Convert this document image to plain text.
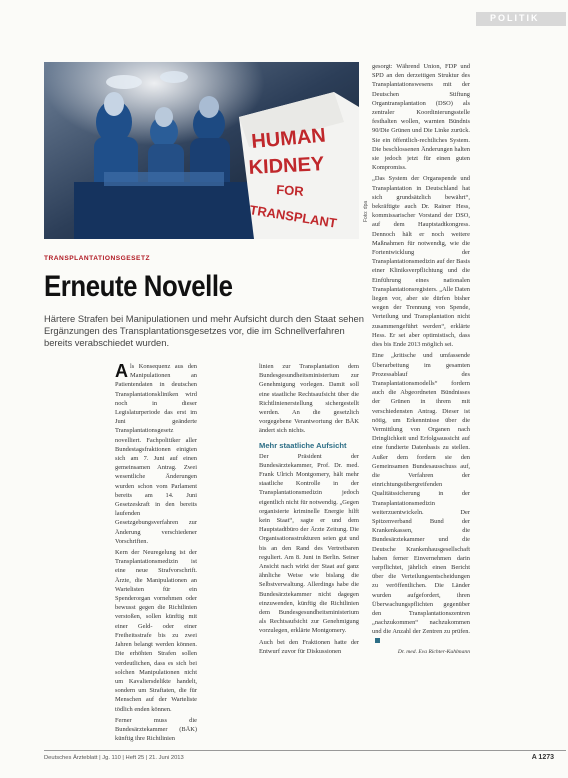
POLITIK
HUMAN
KIDNEY
FOR
TRANSPLANT	Foto: dpa
TRANSPLANTATIONSGESETZ
Erneute Novelle
Härtere Strafen bei Manipulationen und mehr Aufsicht durch den Staat sehen Ergänzungen des Transplantationsgesetzes vor, die im Schnellverfahren bereits verabschiedet wurden.

Als Konsequenz aus den Manipulationen an Patientendaten in deutschen Transplantationskliniken wird noch in dieser Legislaturperiode das erst im Juni geänderte Transplantationsgesetz novelliert. Fachpolitiker aller Bundestagsfraktionen einigten sich am 7. Juni auf einen gemeinsamen Antrag. Zwei wesentliche Änderungen wurden schon vom Parlament bereits am 14. Juni Gesetzeskraft in den bereits laufenden Gesetzgebungsverfahren zur Änderung verschiedener Vorschriften.

Kern der Neuregelung ist der Transplantationsmedizin ist eine neue Strafvorschrift. Ärzte, die Manipulationen an Wartelisten für ein Spenderorgan vornehmen oder bewusst gegen die Richtlinien verstoßen, sollen künftig mit einer Geld- oder einer Freiheitsstrafe bis zu zwei Jahren belangt werden können. Die erhöhten Strafen sollen verdeutlichen, dass es sich bei solchen Manipulationen nicht um Kavaliersdelikte handelt, sondern um Straftaten, die für Menschen auf der Warteliste tödlich enden können.

Ferner muss die Bundesärztekammer (BÄK) künftig ihre Richtlinien

linien zur Transplantation dem Bundesgesundheitsministerium zur Genehmigung vorlegen. Damit soll eine staatliche Rechtsaufsicht über die Richtlinienerstellung sichergestellt werden. An die gesetzlich vorgegebene Verantwortung der BÄK ändert sich nichts.

Mehr staatliche Aufsicht

Der Präsident der Bundesärztekammer, Prof. Dr. med. Frank Ulrich Montgomery, hält mehr staatliche Kontrolle in der Transplantationsmedizin jedoch eigentlich nicht für notwendig. „Gegen organisierte kriminelle Energie hilft kein Staat“, sagte er und dem Hauptstadtbüro der Ärzte Zeitung. Die Organisationsstrukturen seien gut und bis an den Rand des Vertretbaren reguliert. Am 8. Juni in Berlin. Seiner Ansicht nach wirkt der Staat auf ganz ähnliche Weise wie bislang die Selbstverwaltung. Allerdings habe die Bundesärztekammer nicht dagegen einzuwenden, künftig die Richtlinien dem Bundesgesundheitsministerium als Rechtsaufsicht zur Genehmigung vorzulegen, erklärte Montgomery.

Auch bei den Fraktionen hatte der Entwurf zuvor für Diskussionen

gesorgt: Während Union, FDP und SPD an den derzeitigen Struktur des Transplantationswesens mit der Deutschen Stiftung Organtransplantation (DSO) als zentraler Koordinierungsstelle festhalten wollen, warnten Bündnis 90/Die Grünen und Die Linke zurück. Sie ein öffentlich-rechtliches System. Die beschlossenen Änderungen halten sie jedoch jetzt für einen guten Kompromiss.

„Das System der Organspende und Transplantation in Deutschland hat sich grundsätzlich bewährt“, bekräftigte auch Dr. Rainer Hess, kommissarischer Vorstand der DSO, auf dem Hauptstadtkongress. Dennoch hält er noch weitere Maßnahmen für notwendig, wie die Fortentwicklung der Transplantationsmedizin auf der Basis einer Kliniksverpflichtung und die Einführung eines nationalen Transplantationsregisters. „Alle Daten liegen vor, aber sie dürfen bisher wegen der Trennung von Spende, Verteilung und Transplantation nicht zusammengeführt werden“, erklärte Hess. Er sei aber optimistisch, dass dies bis Ende 2013 möglich sei.

Eine „kritische und umfassende Überarbeitung im gesamten Prozessablauf des Transplantationsmodells“ fordern auch die Abgeordneten Bündnisses der Grünen in ihrem mit verschiedensten Antrag. Dieser ist nötig, um Erkenntnisse über die Vermittlung von Organen nach Dringlichkeit und Erfolgsaussicht auf eine fundierte Datenbasis zu stellen. Außer dem fordern sie den Gemeinsamen Bundesausschuss auf, die Verfahren der einrichtungsübergreifenden Qualitätssicherung in der Transplantationsmedizin weiterzuentwickeln. Der Spitzenverband Bund der Krankenkassen, die Bundesärztekammer und die Deutsche Krankenhausgesellschaft haben ferner Einvernehmen darin verpflichtet, jährlich einen Bericht über die Verteilungsentscheidungen zu veröffentlichen. Die Länder wurden aufgefordert, ihren Überwachungspflichten gegenüber den Transplantationszentren „nachzukommen“ nachzukommen und die Anzahl der Zentren zu prüfen.

Dr. med. Eva Richter-Kuhlmann
Deutsches Ärzteblatt | Jg. 110 | Heft 25 | 21. Juni 2013	A 1273
